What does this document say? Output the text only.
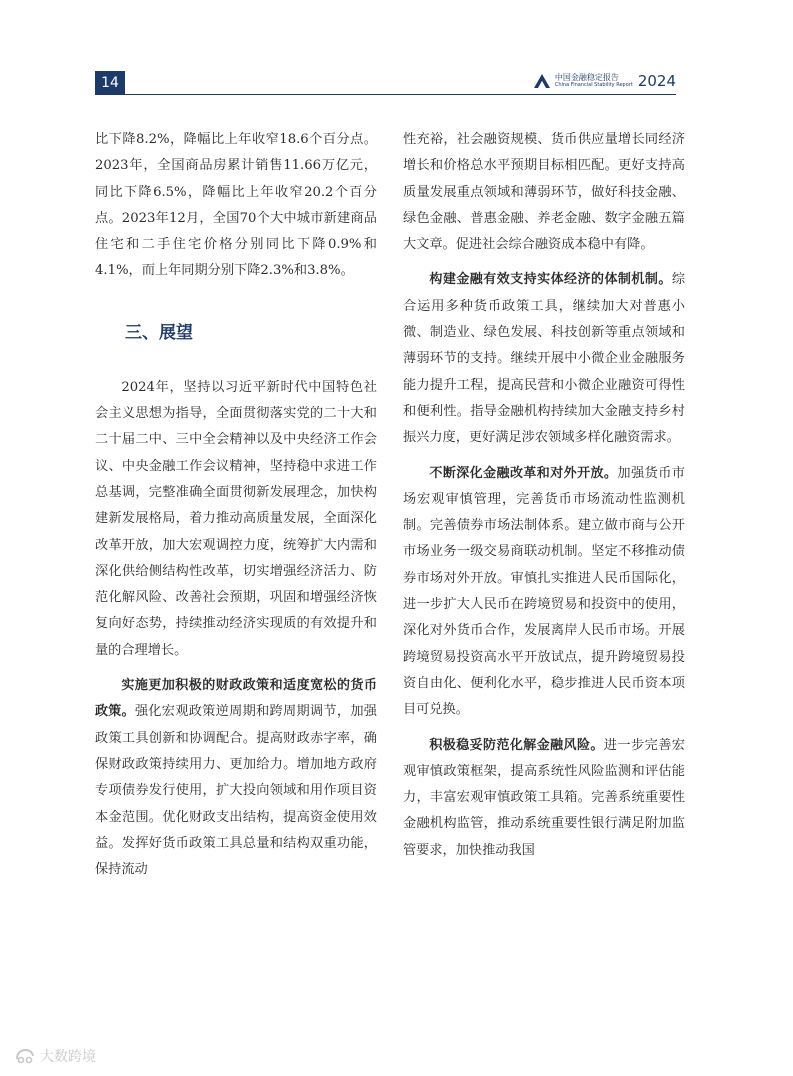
14	中国金融稳定报告
China Financial Stability Report 2024

比下降8.2%，降幅比上年收窄18.6个百分点。2023年，全国商品房累计销售11.66万亿元，同比下降6.5%，降幅比上年收窄20.2个百分点。2023年12月，全国70个大中城市新建商品住宅和二手住宅价格分别同比下降0.9%和4.1%，而上年同期分别下降2.3%和3.8%。

三、展望

2024年，坚持以习近平新时代中国特色社会主义思想为指导，全面贯彻落实党的二十大和二十届二中、三中全会精神以及中央经济工作会议、中央金融工作会议精神，坚持稳中求进工作总基调，完整准确全面贯彻新发展理念，加快构建新发展格局，着力推动高质量发展，全面深化改革开放，加大宏观调控力度，统筹扩大内需和深化供给侧结构性改革，切实增强经济活力、防范化解风险、改善社会预期，巩固和增强经济恢复向好态势，持续推动经济实现质的有效提升和量的合理增长。

实施更加积极的财政政策和适度宽松的货币政策。强化宏观政策逆周期和跨周期调节，加强政策工具创新和协调配合。提高财政赤字率，确保财政政策持续用力、更加给力。增加地方政府专项债券发行使用，扩大投向领域和用作项目资本金范围。优化财政支出结构，提高资金使用效益。发挥好货币政策工具总量和结构双重功能，保持流动

性充裕，社会融资规模、货币供应量增长同经济增长和价格总水平预期目标相匹配。更好支持高质量发展重点领域和薄弱环节，做好科技金融、绿色金融、普惠金融、养老金融、数字金融五篇大文章。促进社会综合融资成本稳中有降。

构建金融有效支持实体经济的体制机制。综合运用多种货币政策工具，继续加大对普惠小微、制造业、绿色发展、科技创新等重点领域和薄弱环节的支持。继续开展中小微企业金融服务能力提升工程，提高民营和小微企业融资可得性和便利性。指导金融机构持续加大金融支持乡村振兴力度，更好满足涉农领域多样化融资需求。

不断深化金融改革和对外开放。加强货币市场宏观审慎管理，完善货币市场流动性监测机制。完善债券市场法制体系。建立做市商与公开市场业务一级交易商联动机制。坚定不移推动债券市场对外开放。审慎扎实推进人民币国际化，进一步扩大人民币在跨境贸易和投资中的使用，深化对外货币合作，发展离岸人民币市场。开展跨境贸易投资高水平开放试点，提升跨境贸易投资自由化、便利化水平，稳步推进人民币资本项目可兑换。

积极稳妥防范化解金融风险。进一步完善宏观审慎政策框架，提高系统性风险监测和评估能力，丰富宏观审慎政策工具箱。完善系统重要性金融机构监管，推动系统重要性银行满足附加监管要求，加快推动我国

大数跨境
